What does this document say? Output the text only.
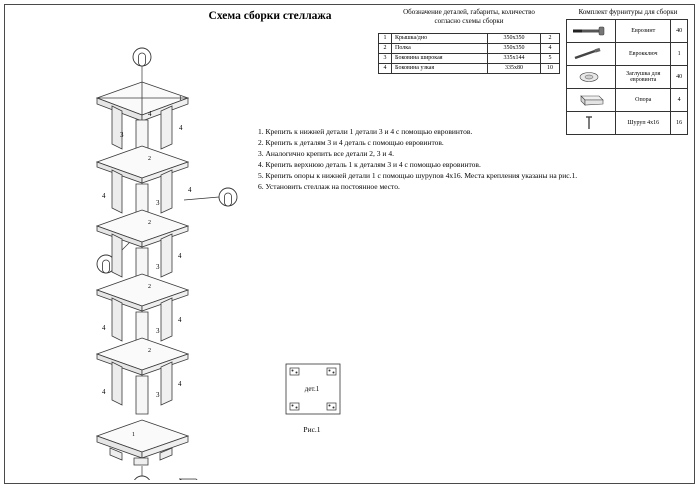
Схема сборки стеллажа	Обозначение деталей, габариты, количество
согласно схемы сборки
1	Крышка/дно	350х350	2
2	Полка	350х350	4
3	Боковина широкая	335х144	5
4	Боковина узкая	335х80	10
Комплект фурнитуры для сборки
	Еврозинт	40

	Еврокключ	1

	Заглушка для евровинта	40

	Опора	4

	Шуруп 4х16	16
1. Крепить к нижней детали 1 детали 3 и 4 с помощью евровинтов.
2. Крепить к деталям 3 и 4 деталь с помощью евровинтов.
3. Аналогично крепить все детали 2, 3 и 4.
4. Крепить верхнюю деталь 1 к деталям 3 и 4 с помощью евровинтов.
5. Крепить опоры к нижней детали 1 с помощью шурупов 4х16. Места крепления указаны на рис.1.
6. Установить стеллаж на постоянное место.
дет.1
Рис.1
3
4
4
1
2
3
4
4
2
3
4
2
3
4
4
2
3
4
4
1
